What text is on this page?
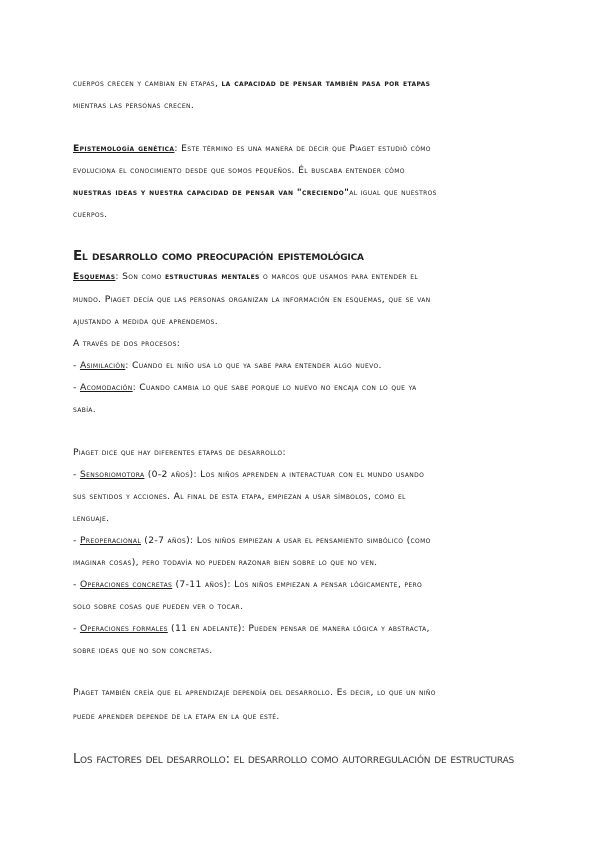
cuerpos crecen y cambian en etapas, la capacidad de pensar también pasa por etapas
mientras las personas crecen.
Epistemología genética: Este término es una manera de decir que Piaget estudió cómo
evoluciona el conocimiento desde que somos pequeños. Él buscaba entender cómo
nuestras ideas y nuestra capacidad de pensar van "creciendo"al igual que nuestros
cuerpos.
El desarrollo como preocupación epistemológica
Esquemas: Son como estructuras mentales o marcos que usamos para entender el
mundo. Piaget decía que las personas organizan la información en esquemas, que se van
ajustando a medida que aprendemos.
A través de dos procesos:
- Asimilación: Cuando el niño usa lo que ya sabe para entender algo nuevo.
- Acomodación: Cuando cambia lo que sabe porque lo nuevo no encaja con lo que ya
sabía.
Piaget dice que hay diferentes etapas de desarrollo:
- Sensoriomotora (0-2 años): Los niños aprenden a interactuar con el mundo usando
sus sentidos y acciones. Al final de esta etapa, empiezan a usar símbolos, como el
lenguaje.
- Preoperacional (2-7 años): Los niños empiezan a usar el pensamiento simbólico (como
imaginar cosas), pero todavía no pueden razonar bien sobre lo que no ven.
- Operaciones concretas (7-11 años): Los niños empiezan a pensar lógicamente, pero
solo sobre cosas que pueden ver o tocar.
- Operaciones formales (11 en adelante): Pueden pensar de manera lógica y abstracta,
sobre ideas que no son concretas.
Piaget también creía que el aprendizaje dependía del desarrollo. Es decir, lo que un niño
puede aprender depende de la etapa en la que esté.
Los factores del desarrollo: el desarrollo como autorregulación de estructuras
